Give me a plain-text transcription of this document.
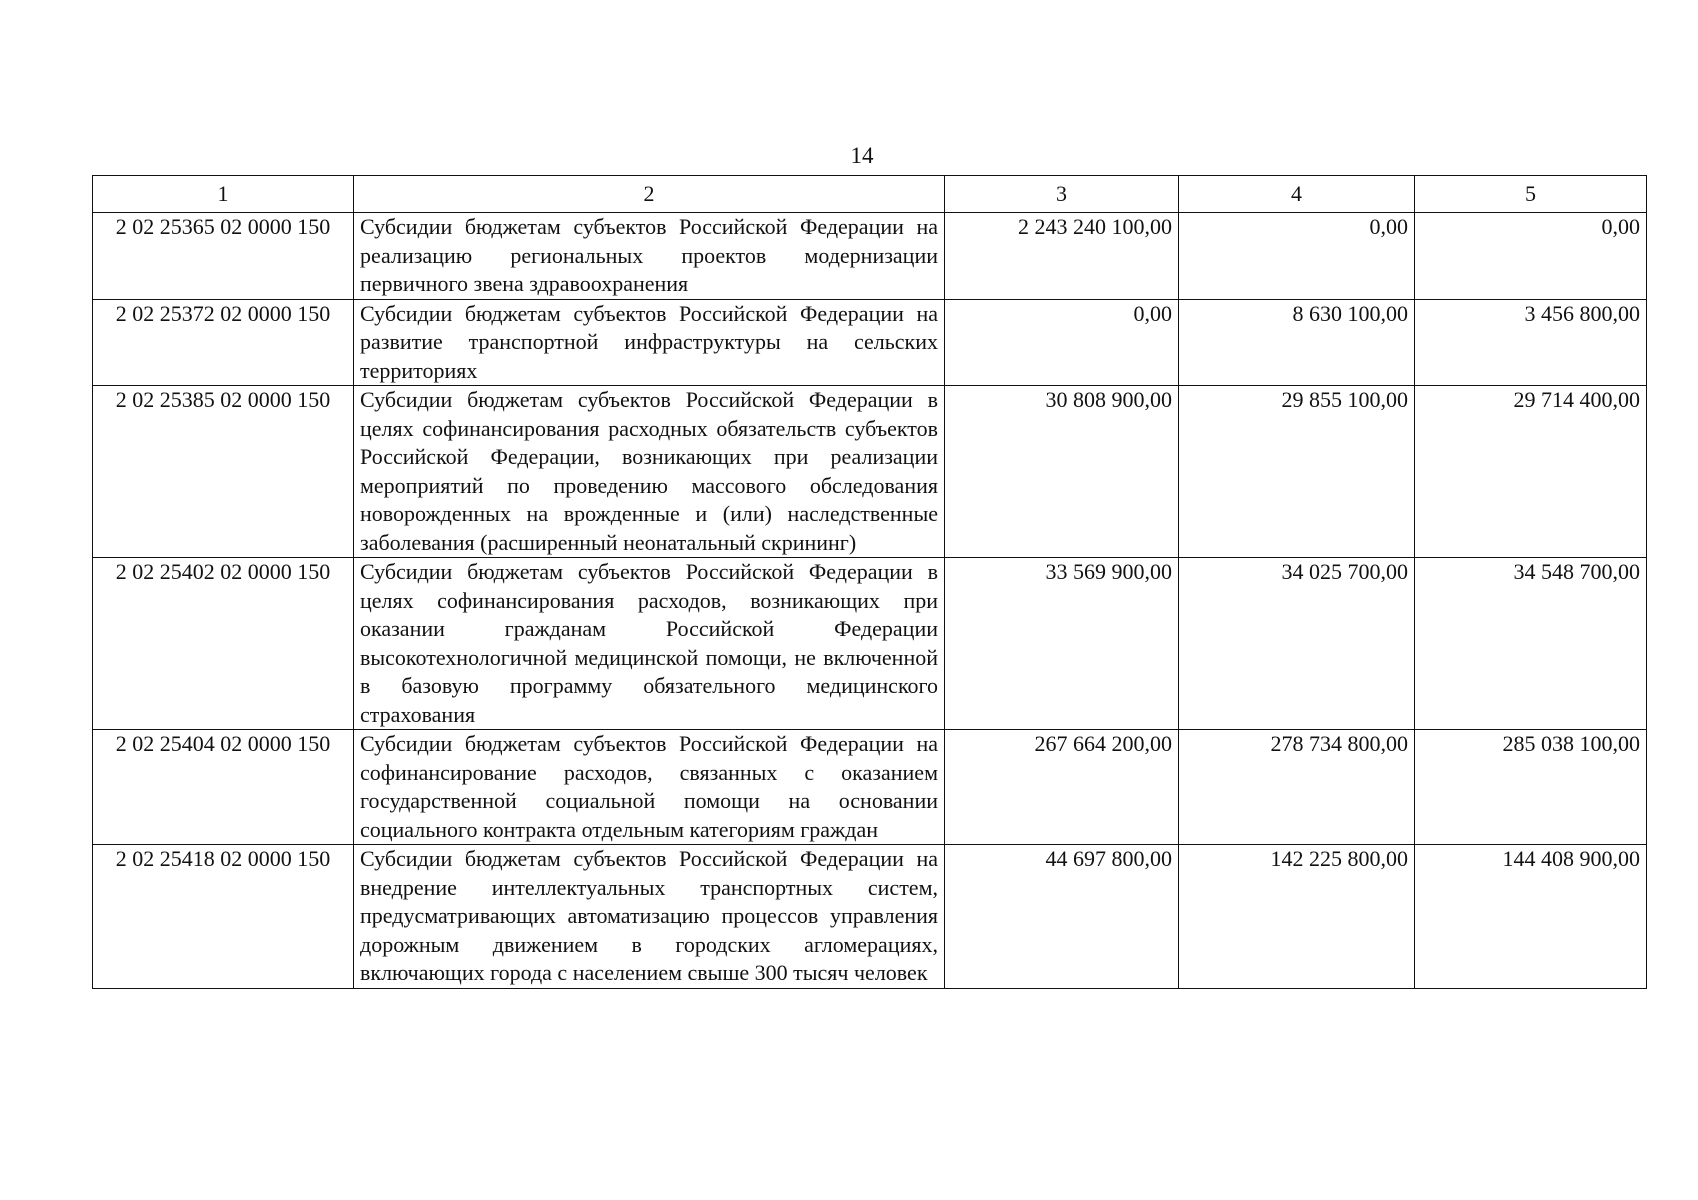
14
1	2	3	4	5
2 02 25365 02 0000 150	Субсидии бюджетам субъектов Российской Федерации на реализацию региональных проектов модернизации первичного звена здравоохранения	2 243 240 100,00	0,00	0,00
2 02 25372 02 0000 150	Субсидии бюджетам субъектов Российской Федерации на развитие транспортной инфраструктуры на сельских территориях	0,00	8 630 100,00	3 456 800,00
2 02 25385 02 0000 150	Субсидии бюджетам субъектов Российской Федерации в целях софинансирования расходных обязательств субъектов Российской Федерации, возникающих при реализации мероприятий по проведению массового обследования новорожденных на врожденные и (или) наследственные заболевания (расширенный неонатальный скрининг)	30 808 900,00	29 855 100,00	29 714 400,00
2 02 25402 02 0000 150	Субсидии бюджетам субъектов Российской Федерации в целях софинансирования расходов, возникающих при оказании гражданам Российской Федерации высокотехнологичной медицинской помощи, не включенной в базовую программу обязательного медицинского страхования	33 569 900,00	34 025 700,00	34 548 700,00
2 02 25404 02 0000 150	Субсидии бюджетам субъектов Российской Федерации на софинансирование расходов, связанных с оказанием государственной социальной помощи на основании социального контракта отдельным категориям граждан	267 664 200,00	278 734 800,00	285 038 100,00
2 02 25418 02 0000 150	Субсидии бюджетам субъектов Российской Федерации на внедрение интеллектуальных транспортных систем, предусматривающих автоматизацию процессов управления дорожным движением в городских агломерациях, включающих города с населением свыше 300 тысяч человек	44 697 800,00	142 225 800,00	144 408 900,00
